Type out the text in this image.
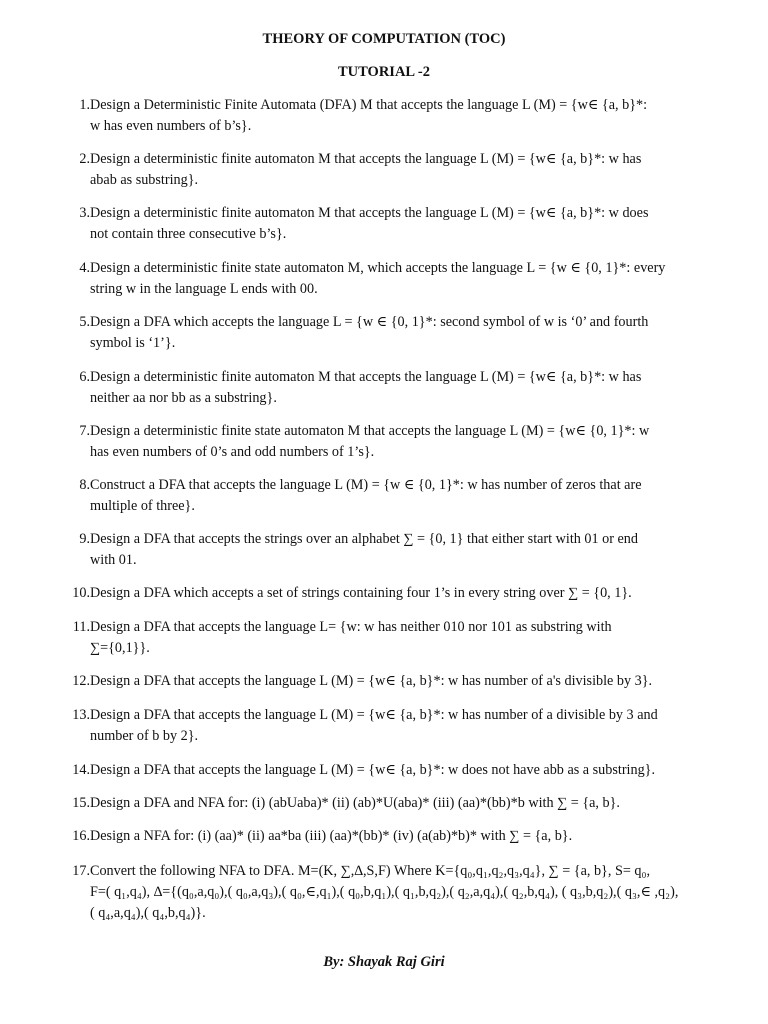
THEORY OF COMPUTATION (TOC)
TUTORIAL -2
1. Design a Deterministic Finite Automata (DFA) M that accepts the language L (M) = {w∈ {a, b}*:
w has even numbers of b’s}.
2. Design a deterministic finite automaton M that accepts the language L (M) = {w∈ {a, b}*: w has
abab as substring}.
3. Design a deterministic finite automaton M that accepts the language L (M) = {w∈ {a, b}*: w does
not contain three consecutive b’s}.
4. Design a deterministic finite state automaton M, which accepts the language L = {w ∈ {0, 1}*: every
string w in the language L ends with 00.
5. Design a DFA which accepts the language L = {w ∈ {0, 1}*: second symbol of w is ‘0’ and fourth
symbol is ‘1’}.
6. Design a deterministic finite automaton M that accepts the language L (M) = {w∈ {a, b}*: w has
neither aa nor bb as a substring}.
7. Design a deterministic finite state automaton M that accepts the language L (M) = {w∈ {0, 1}*: w
has even numbers of 0’s and odd numbers of 1’s}.
8. Construct a DFA that accepts the language L (M) = {w ∈ {0, 1}*: w has number of zeros that are
multiple of three}.
9. Design a DFA that accepts the strings over an alphabet ∑ = {0, 1} that either start with 01 or end
with 01.
10. Design a DFA which accepts a set of strings containing four 1’s in every string over ∑ = {0, 1}.
11. Design a DFA that accepts the language L= {w: w has neither 010 nor 101 as substring with
∑={0,1}}.
12. Design a DFA that accepts the language L (M) = {w∈ {a, b}*: w has number of a's divisible by 3}.
13. Design a DFA that accepts the language L (M) = {w∈ {a, b}*: w has number of a divisible by 3 and
number of b by 2}.
14. Design a DFA that accepts the language L (M) = {w∈ {a, b}*: w does not have abb as a substring}.
15. Design a DFA and NFA for: (i) (abUaba)* (ii) (ab)*U(aba)* (iii) (aa)*(bb)*b with ∑ = {a, b}.
16. Design a NFA for: (i) (aa)* (ii) aa*ba (iii) (aa)*(bb)* (iv) (a(ab)*b)* with ∑ = {a, b}.
17. Convert the following NFA to DFA. M=(K, ∑,∆,S,F) Where K={q₀,q₁,q₂,q₃,q₄}, ∑ = {a, b}, S= q₀,
F=( q₁,q₄), ∆={(q₀,a,q₀),( q₀,a,q₃),( q₀,∈,q₁),( q₀,b,q₁),( q₁,b,q₂),( q₂,a,q₄),( q₂,b,q₄), ( q₃,b,q₂),( q₃,∈ ,q₂),
( q₄,a,q₄),( q₄,b,q₄)}.
By: Shayak Raj Giri
